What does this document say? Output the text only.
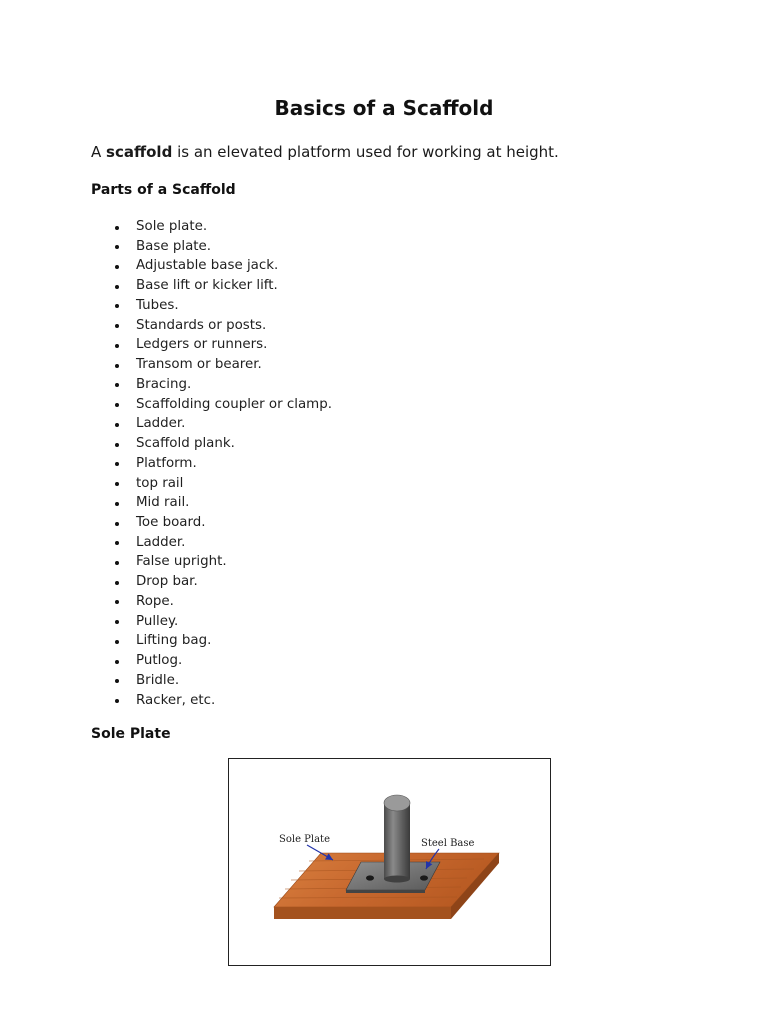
Basics of a Scaffold

A scaffold is an elevated platform used for working at height.

Parts of a Scaffold
Sole plate.
Base plate.
Adjustable base jack.
Base lift or kicker lift.
Tubes.
Standards or posts.
Ledgers or runners.
Transom or bearer.
Bracing.
Scaffolding coupler or clamp.
Ladder.
Scaffold plank.
Platform.
top rail
Mid rail.
Toe board.
Ladder.
False upright.
Drop bar.
Rope.
Pulley.
Lifting bag.
Putlog.
Bridle.
Racker, etc.
Sole Plate
Sole Plate	Steel Base
